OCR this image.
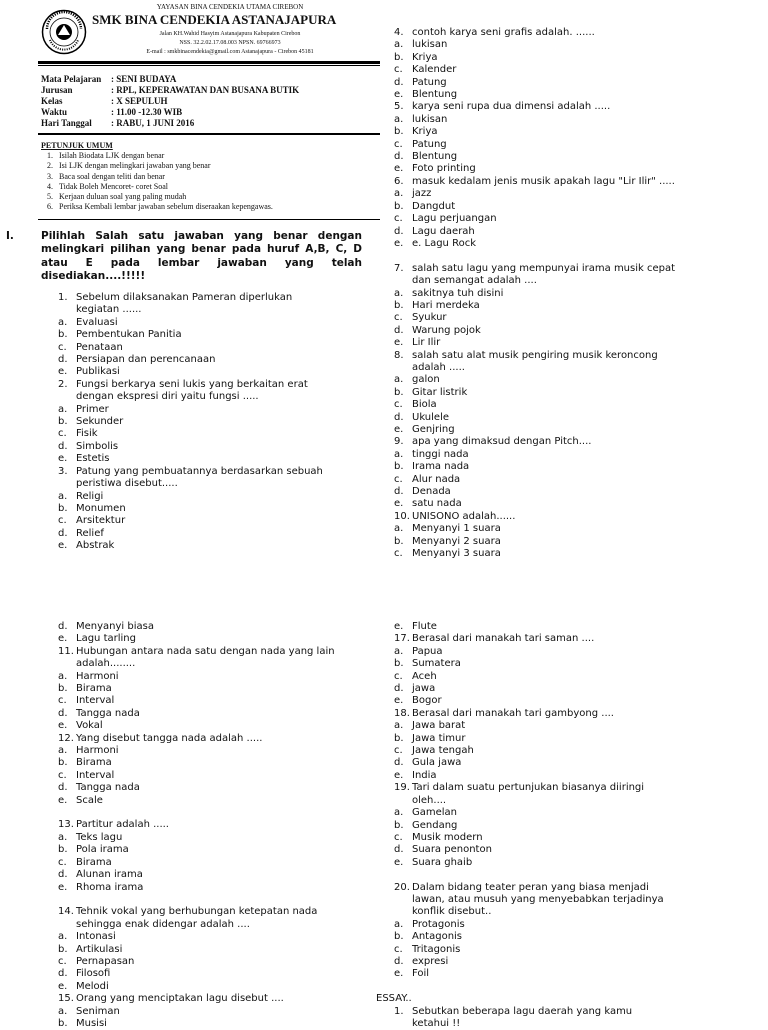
YAYASAN BINA CENDEKIA UTAMA CIREBON
SMK BINA CENDEKIA ASTANAJAPURA
Jalan KH.Wahid Hasyim Astanajapura Kabupaten Cirebon
NSS. 32.2.02.17.08.003 NPSN. 69766973
E-mail : smkbinacendekia@gmail.com Astanajapura - Cirebon 45181
Mata Pelajaran	: SENI BUDAYA
Jurusan	: RPL, KEPERAWATAN DAN BUSANA BUTIK
Kelas	: X SEPULUH
Waktu	: 11.00 -12.30 WIB
Hari Tanggal	: RABU, 1 JUNI 2016
PETUNJUK UMUM
1. Isilah Biodata LJK dengan benar
2. Isi LJK dengan melingkari jawaban yang benar
3. Baca soal dengan teliti dan benar
4. Tidak Boleh Mencoret- coret Soal
5. Kerjaan duluan soal yang paling mudah
6. Periksa Kembali lembar jawaban sebelum diseraakan kepengawas.
I.	Pilihlah Salah satu jawaban yang benar dengan melingkari pilihan yang benar pada huruf A,B, C, D atau E pada lembar jawaban yang telah disediakan....!!!!!
1. Sebelum dilaksanakan Pameran diperlukan
kegiatan ......
a. Evaluasi
b. Pembentukan Panitia
c. Penataan
d. Persiapan dan perencanaan
e. Publikasi
2. Fungsi berkarya seni lukis yang berkaitan erat
dengan ekspresi diri yaitu fungsi .....
a. Primer
b. Sekunder
c. Fisik
d. Simbolis
e. Estetis
3. Patung yang pembuatannya berdasarkan sebuah
peristiwa disebut.....
a. Religi
b. Monumen
c. Arsitektur
d. Relief
e. Abstrak
4. contoh karya seni grafis adalah. ......
a. lukisan
b. Kriya
c. Kalender
d. Patung
e. Blentung
5. karya seni rupa dua dimensi adalah .....
a. lukisan
b. Kriya
c. Patung
d. Blentung
e. Foto printing
6. masuk kedalam jenis musik apakah lagu "Lir Ilir" .....
a. jazz
b. Dangdut
c. Lagu perjuangan
d. Lagu daerah
e. e. Lagu Rock
7. salah satu lagu yang mempunyai irama musik cepat
dan semangat adalah ....
a. sakitnya tuh disini
b. Hari merdeka
c. Syukur
d. Warung pojok
e. Lir Ilir
8. salah satu alat musik pengiring musik keroncong
adalah .....
a. galon
b. Gitar listrik
c. Biola
d. Ukulele
e. Genjring
9. apa yang dimaksud dengan Pitch....
a. tinggi nada
b. Irama nada
c. Alur nada
d. Denada
e. satu nada
10. UNISONO adalah......
a. Menyanyi 1 suara
b. Menyanyi 2 suara
c. Menyanyi 3 suara
d. Menyanyi biasa
e. Lagu tarling
11. Hubungan antara nada satu dengan nada yang lain
adalah........
a. Harmoni
b. Birama
c. Interval
d. Tangga nada
e. Vokal
12. Yang disebut tangga nada adalah .....
a. Harmoni
b. Birama
c. Interval
d. Tangga nada
e. Scale
13. Partitur adalah .....
a. Teks lagu
b. Pola irama
c. Birama
d. Alunan irama
e. Rhoma irama
14. Tehnik vokal yang berhubungan ketepatan nada
sehingga enak didengar adalah ....
a. Intonasi
b. Artikulasi
c. Pernapasan
d. Filosofi
e. Melodi
15. Orang yang menciptakan lagu disebut ....
a. Seniman
b. Musisi
e. Flute
17. Berasal dari manakah tari saman ....
a. Papua
b. Sumatera
c. Aceh
d. jawa
e. Bogor
18. Berasal dari manakah tari gambyong ....
a. Jawa barat
b. Jawa timur
c. Jawa tengah
d. Gula jawa
e. India
19. Tari dalam suatu pertunjukan biasanya diiringi
oleh....
a. Gamelan
b. Gendang
c. Musik modern
d. Suara penonton
e. Suara ghaib
20. Dalam bidang teater peran yang biasa menjadi
lawan, atau musuh yang menyebabkan terjadinya
konflik disebut..
a. Protagonis
b. Antagonis
c. Tritagonis
d. expresi
e. Foil
ESSAY..
1. Sebutkan beberapa lagu daerah yang kamu
ketahui !!
